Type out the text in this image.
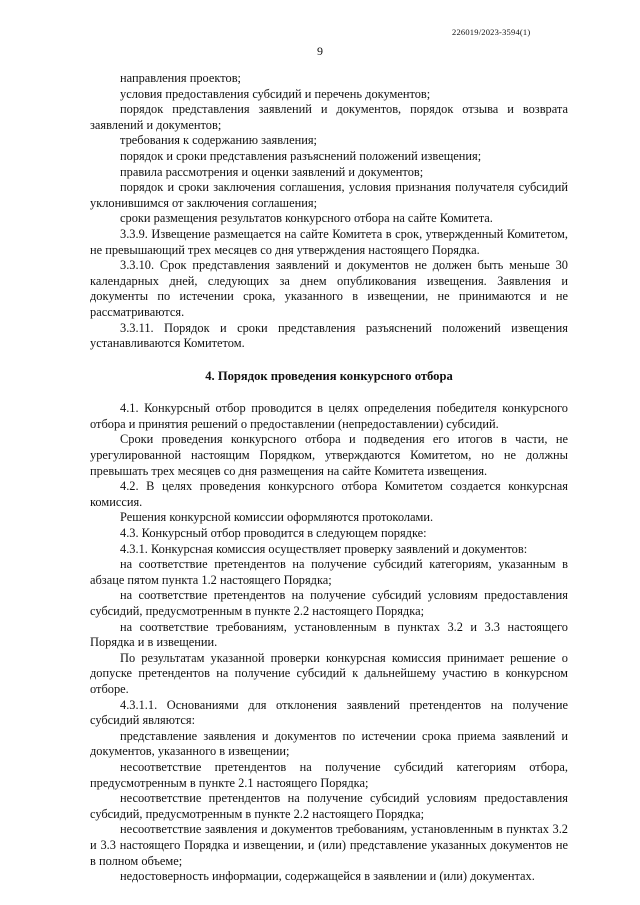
226019/2023-3594(1)
9

направления проектов;

условия предоставления субсидий и перечень документов;

порядок представления заявлений и документов, порядок отзыва и возврата заявлений и документов;

требования к содержанию заявления;

порядок и сроки представления разъяснений положений извещения;

правила рассмотрения и оценки заявлений и документов;

порядок и сроки заключения соглашения, условия признания получателя субсидий уклонившимся от заключения соглашения;

сроки размещения результатов конкурсного отбора на сайте Комитета.

3.3.9. Извещение размещается на сайте Комитета в срок, утвержденный Комитетом, не превышающий трех месяцев со дня утверждения настоящего Порядка.

3.3.10. Срок представления заявлений и документов не должен быть меньше 30 календарных дней, следующих за днем опубликования извещения. Заявления и документы по истечении срока, указанного в извещении, не принимаются и не рассматриваются.

3.3.11. Порядок и сроки представления разъяснений положений извещения устанавливаются Комитетом.

4. Порядок проведения конкурсного отбора

4.1. Конкурсный отбор проводится в целях определения победителя конкурсного отбора и принятия решений о предоставлении (непредоставлении) субсидий.

Сроки проведения конкурсного отбора и подведения его итогов в части, не урегулированной настоящим Порядком, утверждаются Комитетом, но не должны превышать трех месяцев со дня размещения на сайте Комитета извещения.

4.2. В целях проведения конкурсного отбора Комитетом создается конкурсная комиссия.

Решения конкурсной комиссии оформляются протоколами.

4.3. Конкурсный отбор проводится в следующем порядке:

4.3.1. Конкурсная комиссия осуществляет проверку заявлений и документов:

на соответствие претендентов на получение субсидий категориям, указанным в абзаце пятом пункта 1.2 настоящего Порядка;

на соответствие претендентов на получение субсидий условиям предоставления субсидий, предусмотренным в пункте 2.2 настоящего Порядка;

на соответствие требованиям, установленным в пунктах 3.2 и 3.3 настоящего Порядка и в извещении.

По результатам указанной проверки конкурсная комиссия принимает решение о допуске претендентов на получение субсидий к дальнейшему участию в конкурсном отборе.

4.3.1.1. Основаниями для отклонения заявлений претендентов на получение субсидий являются:

представление заявления и документов по истечении срока приема заявлений и документов, указанного в извещении;

несоответствие претендентов на получение субсидий категориям отбора, предусмотренным в пункте 2.1 настоящего Порядка;

несоответствие претендентов на получение субсидий условиям предоставления субсидий, предусмотренным в пункте 2.2 настоящего Порядка;

несоответствие заявления и документов требованиям, установленным в пунктах 3.2 и 3.3 настоящего Порядка и извещении, и (или) представление указанных документов не в полном объеме;

недостоверность информации, содержащейся в заявлении и (или) документах.
